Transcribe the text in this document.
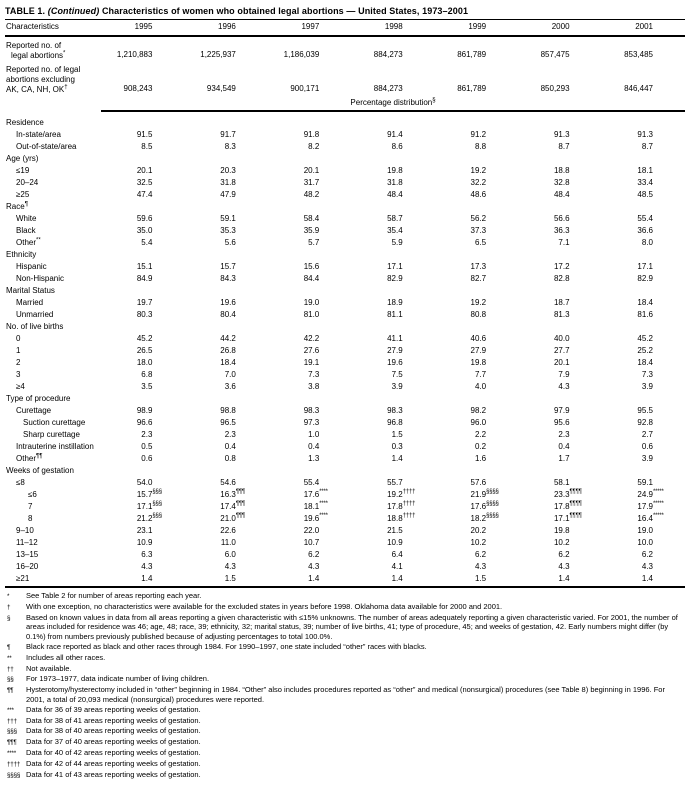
TABLE 1. (Continued) Characteristics of women who obtained legal abortions — United States, 1973–2001
Characteristics	1995	1996	1997	1998	1999	2000	2001

Reported no. of
legal abortions*	1,210,883	1,225,937	1,186,039	884,273	861,789	857,475	853,485

Reported no. of legal
abortions excluding
AK, CA, NH, OK†	908,243	934,549	900,171	884,273	861,789	850,293	846,447
	Percentage distribution§

Residence							
In-state/area	91.5	91.7	91.8	91.4	91.2	91.3	91.3
Out-of-state/area	8.5	8.3	8.2	8.6	8.8	8.7	8.7
Age (yrs)							
≤19	20.1	20.3	20.1	19.8	19.2	18.8	18.1
20–24	32.5	31.8	31.7	31.8	32.2	32.8	33.4
≥25	47.4	47.9	48.2	48.4	48.6	48.4	48.5
Race¶
White	59.6	59.1	58.4	58.7	56.2	56.6	55.4
Black	35.0	35.3	35.9	35.4	37.3	36.3	36.6
Other**	5.4	5.6	5.7	5.9	6.5	7.1	8.0
Ethnicity							
Hispanic	15.1	15.7	15.6	17.1	17.3	17.2	17.1
Non-Hispanic	84.9	84.3	84.4	82.9	82.7	82.8	82.9
Marital Status							
Married	19.7	19.6	19.0	18.9	19.2	18.7	18.4
Unmarried	80.3	80.4	81.0	81.1	80.8	81.3	81.6
No. of live births							
0	45.2	44.2	42.2	41.1	40.6	40.0	45.2
1	26.5	26.8	27.6	27.9	27.9	27.7	25.2
2	18.0	18.4	19.1	19.6	19.8	20.1	18.4
3	6.8	7.0	7.3	7.5	7.7	7.9	7.3
≥4	3.5	3.6	3.8	3.9	4.0	4.3	3.9
Type of procedure							
Curettage	98.9	98.8	98.3	98.3	98.2	97.9	95.5
Suction curettage	96.6	96.5	97.3	96.8	96.0	95.6	92.8
Sharp curettage	2.3	2.3	1.0	1.5	2.2	2.3	2.7
Intrauterine instillation	0.5	0.4	0.4	0.3	0.2	0.4	0.6
Other¶¶	0.6	0.8	1.3	1.4	1.6	1.7	3.9
Weeks of gestation							
≤8	54.0	54.6	55.4	55.7	57.6	58.1	59.1
≤6	15.7§§§	16.3¶¶¶	17.6****	19.2††††	21.9§§§§	23.3¶¶¶¶	24.9*****
7	17.1§§§	17.4¶¶¶	18.1****	17.8††††	17.6§§§§	17.8¶¶¶¶	17.9*****
8	21.2§§§	21.0¶¶¶	19.6****	18.8††††	18.2§§§§	17.1¶¶¶¶	16.4*****
9–10	23.1	22.6	22.0	21.5	20.2	19.8	19.0
11–12	10.9	11.0	10.7	10.9	10.2	10.2	10.0
13–15	6.3	6.0	6.2	6.4	6.2	6.2	6.2
16–20	4.3	4.3	4.3	4.1	4.3	4.3	4.3
≥21	1.4	1.5	1.4	1.4	1.5	1.4	1.4
*	See Table 2 for number of areas reporting each year.
†	With one exception, no characteristics were available for the excluded states in years before 1998. Oklahoma data available for 2000 and 2001.
§	Based on known values in data from all areas reporting a given characteristic with ≤15% unknowns. The number of areas adequately reporting a given characteristic varied. For 2001, the number of areas included for residence was 46; age, 48; race, 39; ethnicity, 32; marital status, 39; number of live births, 41; type of procedure, 45; and weeks of gestation, 42. Early numbers might differ (by 0.1%) from numbers previously published because of adjusting percentages to total 100.0%.
¶	Black race reported as black and other races through 1984. For 1990–1997, one state included “other” races with blacks.
**	Includes all other races.
††	Not available.
§§	For 1973–1977, data indicate number of living children.
¶¶	Hysterotomy/hysterectomy included in “other” beginning in 1984. “Other” also includes procedures reported as “other” and medical (nonsurgical) procedures (see Table 8) beginning in 1996. For 2001, a total of 20,093 medical (nonsurgical) procedures were reported.
***	Data for 36 of 39 areas reporting weeks of gestation.
†††	Data for 38 of 41 areas reporting weeks of gestation.
§§§	Data for 38 of 40 areas reporting weeks of gestation.
¶¶¶	Data for 37 of 40 areas reporting weeks of gestation.
****	Data for 40 of 42 areas reporting weeks of gestation.
†††† Data for 42 of 44 areas reporting weeks of gestation.
§§§§ Data for 41 of 43 areas reporting weeks of gestation.
